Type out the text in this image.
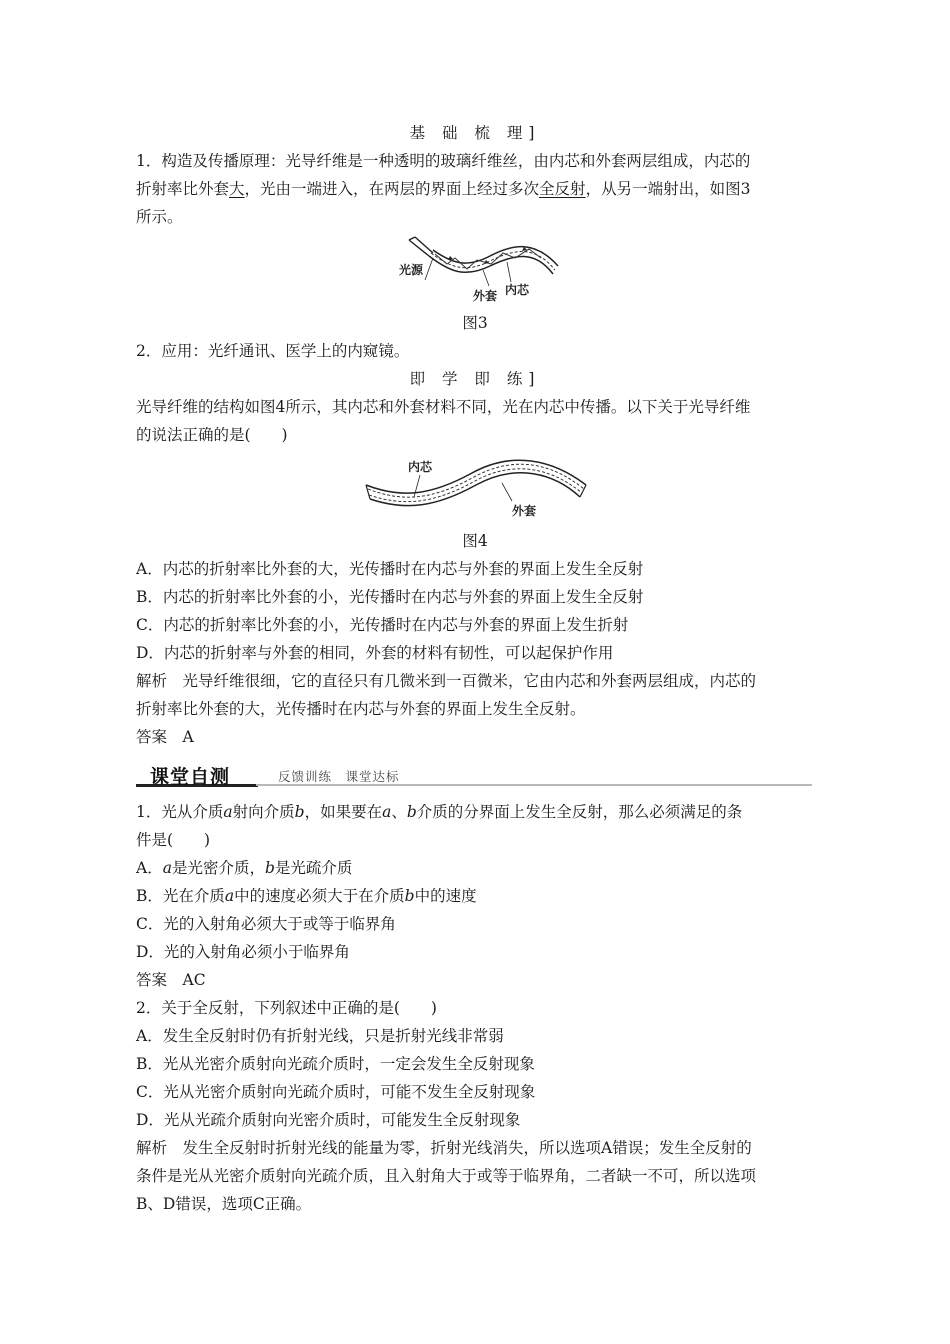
基 础 梳 理]
1．构造及传播原理：光导纤维是一种透明的玻璃纤维丝，由内芯和外套两层组成，内芯的
折射率比外套大，光由一端进入，在两层的界面上经过多次全反射，从另一端射出，如图3
所示。
光源
外套 内芯
图3
2．应用：光纤通讯、医学上的内窥镜。
即 学 即 练]
光导纤维的结构如图4所示，其内芯和外套材料不同，光在内芯中传播。以下关于光导纤维
的说法正确的是(　　)
内芯
外套
图4
A．内芯的折射率比外套的大，光传播时在内芯与外套的界面上发生全反射
B．内芯的折射率比外套的小，光传播时在内芯与外套的界面上发生全反射
C．内芯的折射率比外套的小，光传播时在内芯与外套的界面上发生折射
D．内芯的折射率与外套的相同，外套的材料有韧性，可以起保护作用
解析　光导纤维很细，它的直径只有几微米到一百微米，它由内芯和外套两层组成，内芯的
折射率比外套的大，光传播时在内芯与外套的界面上发生全反射。
答案　A
课堂自测	反馈训练　课堂达标
1．光从介质a射向介质b，如果要在a、b介质的分界面上发生全反射，那么必须满足的条
件是(　　)
A．a是光密介质，b是光疏介质
B．光在介质a中的速度必须大于在介质b中的速度
C．光的入射角必须大于或等于临界角
D．光的入射角必须小于临界角
答案　AC
2．关于全反射，下列叙述中正确的是(　　)
A．发生全反射时仍有折射光线，只是折射光线非常弱
B．光从光密介质射向光疏介质时，一定会发生全反射现象
C．光从光密介质射向光疏介质时，可能不发生全反射现象
D．光从光疏介质射向光密介质时，可能发生全反射现象
解析　发生全反射时折射光线的能量为零，折射光线消失，所以选项A错误；发生全反射的
条件是光从光密介质射向光疏介质，且入射角大于或等于临界角，二者缺一不可，所以选项
B、D错误，选项C正确。
